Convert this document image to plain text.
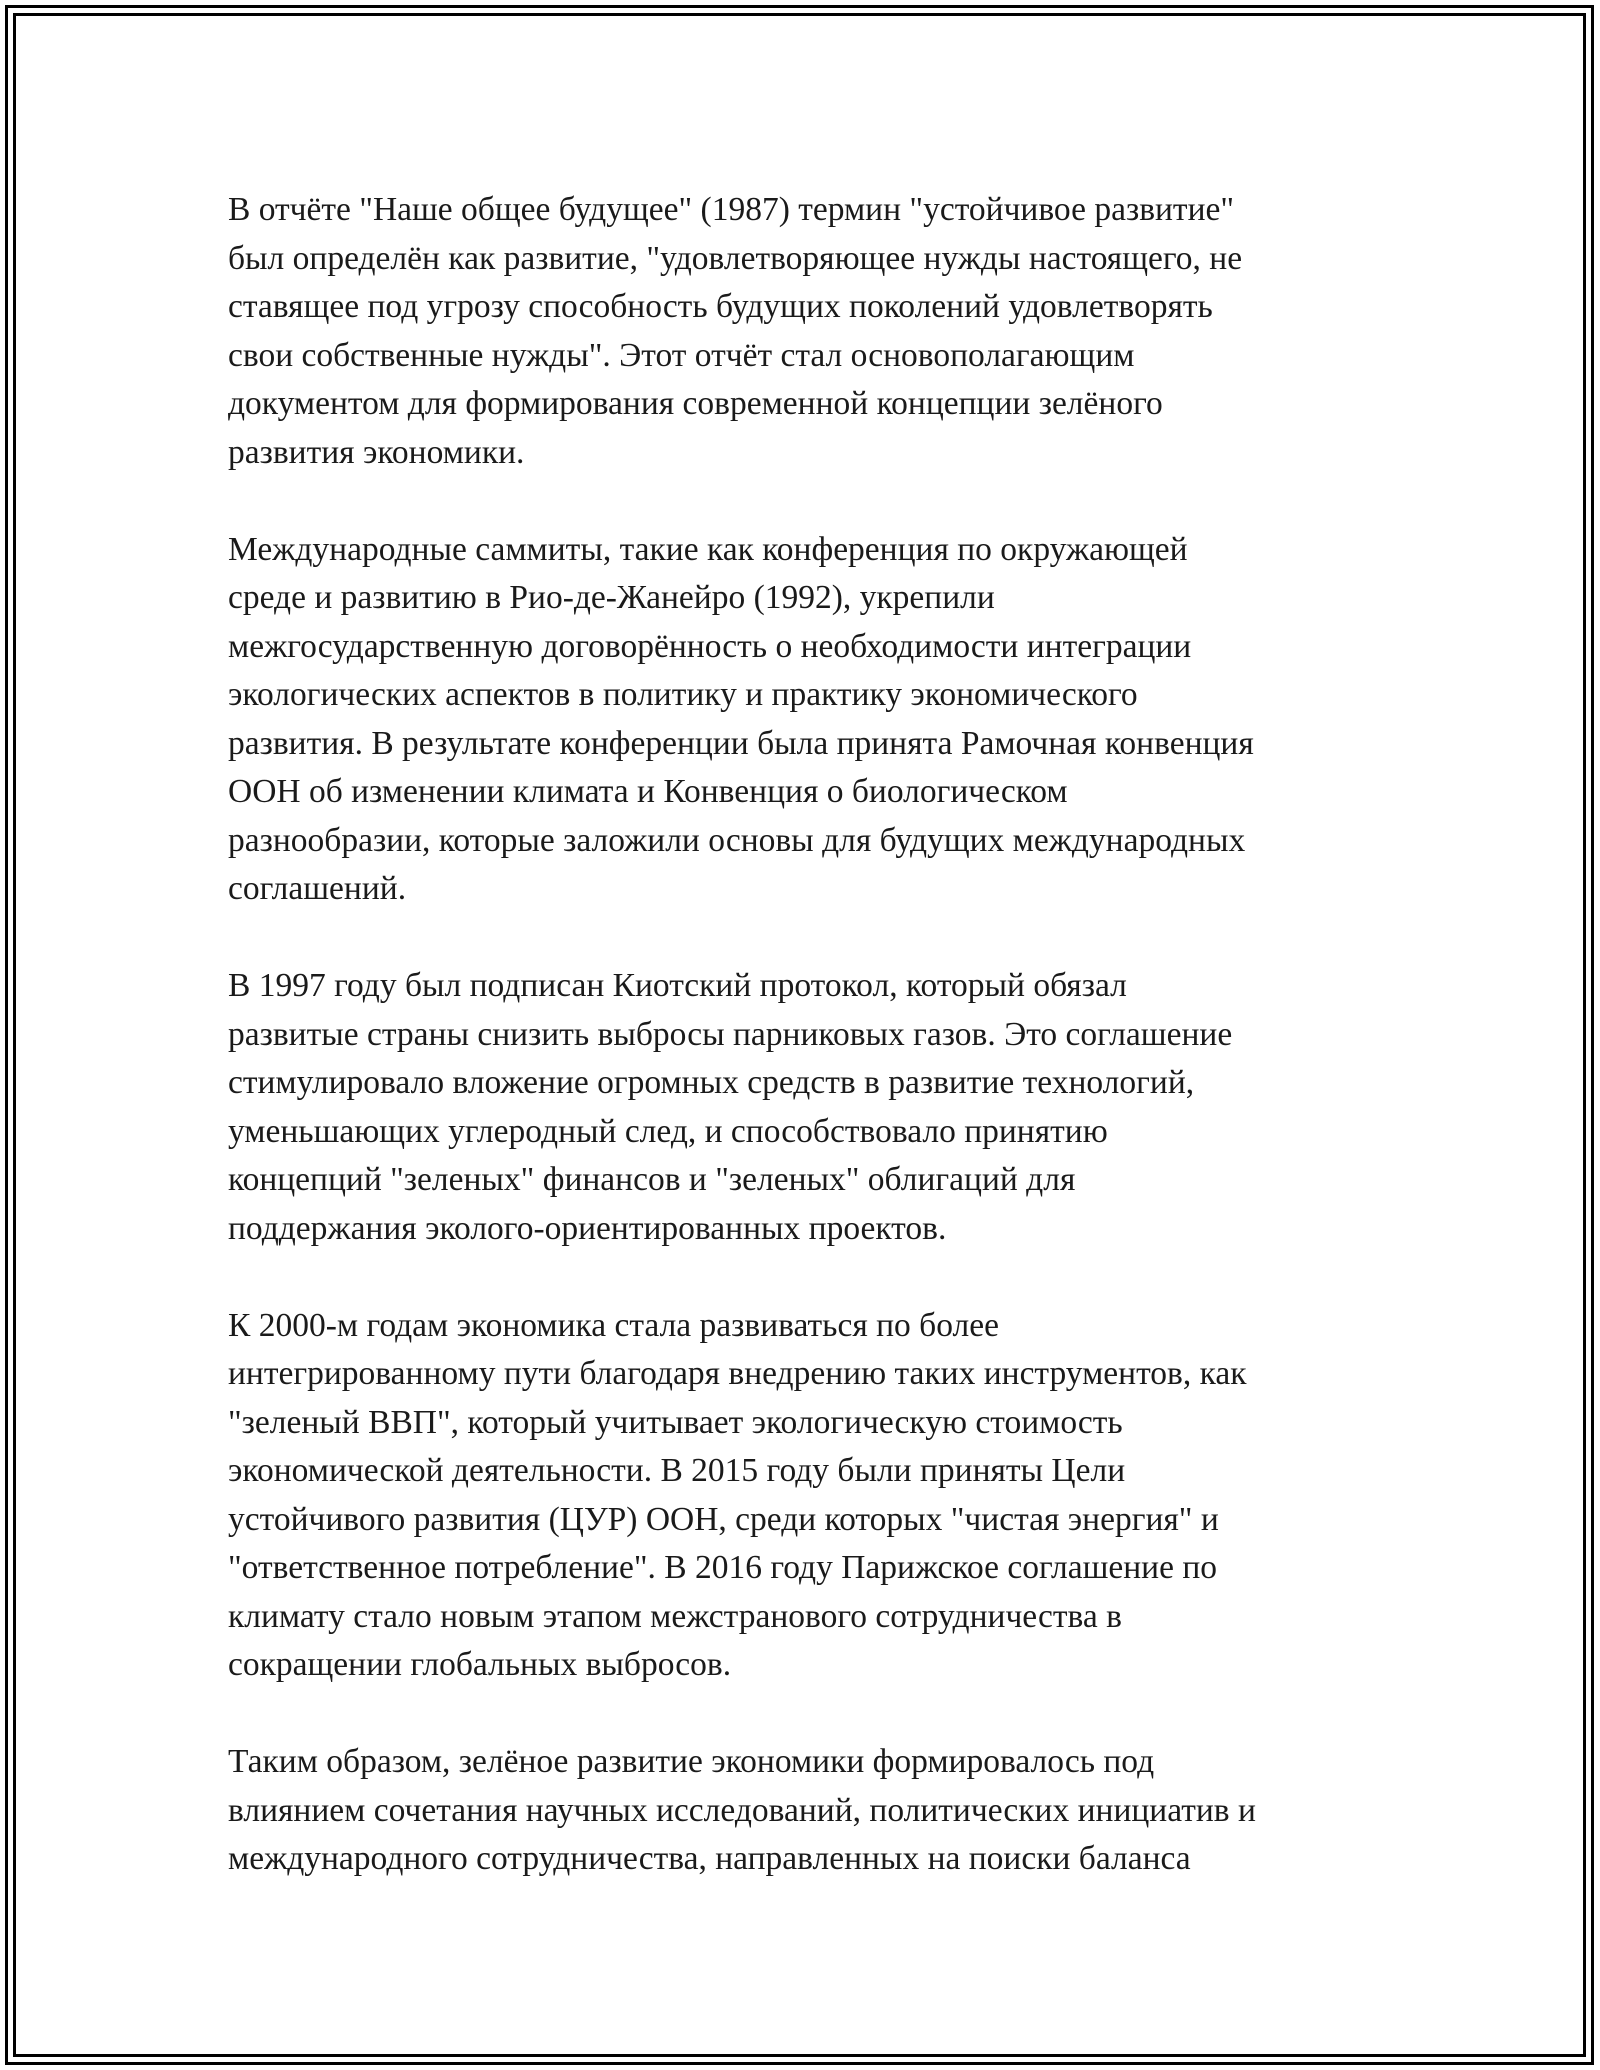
В отчёте "Наше общее будущее" (1987) термин "устойчивое развитие"
был определён как развитие, "удовлетворяющее нужды настоящего, не
ставящее под угрозу способность будущих поколений удовлетворять
свои собственные нужды". Этот отчёт стал основополагающим
документом для формирования современной концепции зелёного
развития экономики.

Международные саммиты, такие как конференция по окружающей
среде и развитию в Рио-де-Жанейро (1992), укрепили
межгосударственную договорённость о необходимости интеграции
экологических аспектов в политику и практику экономического
развития. В результате конференции была принята Рамочная конвенция
ООН об изменении климата и Конвенция о биологическом
разнообразии, которые заложили основы для будущих международных
соглашений.

В 1997 году был подписан Киотский протокол, который обязал
развитые страны снизить выбросы парниковых газов. Это соглашение
стимулировало вложение огромных средств в развитие технологий,
уменьшающих углеродный след, и способствовало принятию
концепций "зеленых" финансов и "зеленых" облигаций для
поддержания эколого-ориентированных проектов.

К 2000-м годам экономика стала развиваться по более
интегрированному пути благодаря внедрению таких инструментов, как
"зеленый ВВП", который учитывает экологическую стоимость
экономической деятельности. В 2015 году были приняты Цели
устойчивого развития (ЦУР) ООН, среди которых "чистая энергия" и
"ответственное потребление". В 2016 году Парижское соглашение по
климату стало новым этапом межстранового сотрудничества в
сокращении глобальных выбросов.

Таким образом, зелёное развитие экономики формировалось под
влиянием сочетания научных исследований, политических инициатив и
международного сотрудничества, направленных на поиски баланса
